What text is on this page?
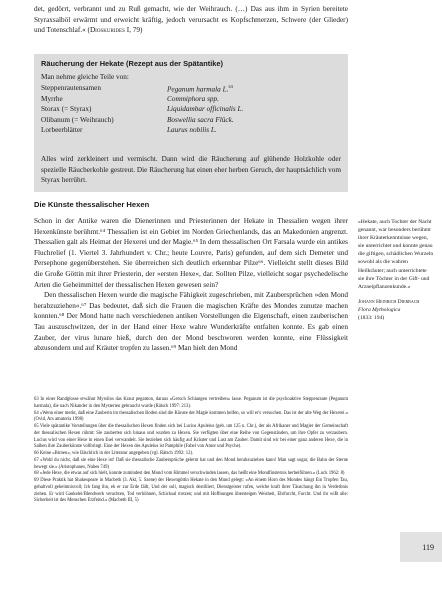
det, gedörrt, verbrannt und zu Ruß gemacht, wie der Weihrauch. (…) Das aus ihm in Syrien bereitete Styraxsalböl erwärmt und erweicht kräftig, jedoch verursacht es Kopfschmerzen, Schwere (der Glieder) und Totenschlaf.« (Dioskurides I, 79)

Räucherung der Hekate (Rezept aus der Spätantike)

Man nehme gleiche Teile von:

Steppenrautensamen	Peganum harmala L.$^{63}$
Myrrhe	Commiphora spp.
Storax (= Styrax)	Liquidambar officinalis L.
Olibanum (= Weihrauch)	Boswellia sacra Flück.
Lorbeerblätter	Laurus nobilis L.

Alles wird zerkleinert und vermischt. Dann wird die Räucherung auf glühende Holzkohle oder spezielle Räucherkohle gestreut. Die Räucherung hat einen eher herben Geruch, der hauptsächlich vom Styrax herrührt.

Die Künste thessalischer Hexen

Schon in der Antike waren die Dienerinnen und Priesterinnen der Hekate in Thessalien wegen ihrer Hexenkünste berühmt.⁶⁴ Thessalien ist ein Gebiet im Norden Griechenlands, das an Makedonien angrenzt. Thessalien galt als Heimat der Hexerei und der Magie.⁶⁵ In dem thessalischen Ort Farsala wurde ein antikes Fluchrelief (1. Viertel 3. Jahrhundert v. Chr.; heute Louvre, Paris) gefunden, auf dem sich Demeter und Persephone gegenüberstehen. Sie überreichen sich deutlich erkennbar Pilze⁶⁶. Vielleicht stellt dieses Bild die Große Göttin mit ihrer Priesterin, der »ersten Hexe«, dar. Sollten Pilze, vielleicht sogar psychedelische Arten die Geheimmittel der thessalischen Hexen gewesen sein?

Den thessalischen Hexen wurde die magische Fähigkeit zugeschrieben, mit Zaubersprüchen »den Mond herabzuziehen«.⁶⁷ Das bedeutet, daß sich die Frauen die magischen Kräfte des Mondes zunutze machen konnten.⁶⁸ Der Mond hatte nach verschiedenen antiken Vorstellungen die Eigenschaft, einen zauberischen Tau auszuschwitzen, der in der Hand einer Hexe wahre Wunderkräfte entfalten konnte. Es gab einen Zauber, der virus lunare hieß, durch den der Mond beschworen werden konnte, eine Flüssigkeit abzusondern und auf Kräuter tropfen zu lassen.⁶⁹ Man hielt den Mond

»Hekate, auch Tochter der Nacht genannt, war besonders berühmt ihrer Kräuterkenntnisse wegen, sie unterrichtet und konnte genau die giftigen, schädlichen Wurzeln sowohl als die wahren Heilkräuter; auch unterrichtete sie ihre Töchter in der Gift- und Arzneipflanzenkunde.«

Johann Heinrich Dierbach
Flora Mythologica
(1833: 194)

63 In einer Randglosse erwähnt Myrsilos das Kraut pegamon, daraus »Geruch Schlangen vertreiben« lasse. Peganum ist die psychoaktive Steppenraute (Peganum harmala), die nach Nikander in den Mysterien gebraucht wurde (Rätsch 1997: 213).

64 »Wenn einer merkt, daß eine Zauberin im thessalischen Boden sind die Künste der Magie kommen helfen, so will er's versuchen. Das ist der alte Weg der Hexerei.« (Ovid, Ars amatoria 1998)

65 Viele spätantike Vorstellungen über die thessalischen Hexen finden sich bei Lucius Apuleius (geb. um 125 n. Chr.), der als Afrikaner und Magier der Gemeinschaft der thessalischen Hexen rühmt: Sie zauberten sich hinaus und wurden zu Hexen. Sie verfügten über eine Reihe von Gegenständen, um ihre Opfer zu verzaubern. Lucius wird von einer Hexe in einen Esel verwandelt. Sie beziehen sich häufig auf Kräuter und Lust am Zauber. Damit sind wir bei einer ganz anderen Hexe, die in Salben ihre Zauberkünste vollbringt. Eine der Hexen des Apuleius ist Pamphile (Fabel von Amor und Psyche).

66 Keine »Birnen«, wie fälschlich in der Literatur angegeben (vgl. Rätsch 1992: 12).

67 »Wohl du nicht, daß sie eine Hexe ist! Daß sie thessalische Zaubersprüche gelernt hat und den Mond herabzuziehen kann! Man sagt sogar, die Bahn der Sterne bewegt sie.« (Aristophanes, Nubes 749)

68 »Jede Hexe, die etwas auf sich hielt, konnte zumindest den Mond vom Himmel verschwinden lassen, das heißt eine Mondfinsternis herbeiführen.« (Luck 1962: 8)

69 Diese Praktik hat Shakespeare in Macbeth (3. Akt, 5. Szene) der Hexengöttin Hekate in den Mund gelegt: »An einem Horn des Mondes hängt Ein Tropfen Tau, gehaltvoll geheimnisvoll; Ich fang ihn, eh er zur Erde fällt, Und der soll, magisch destilliert, Dienstgeister rufen, welche kraft ihrer Täuschung ihn in Verderbnis ziehen. Er wird Gaukelei/Blendwerk verachten, Tod verhöhnen, Schicksal trotzen; und mit Hoffnungen übersteigen Weisheit, Ehrfurcht, Furcht. Und ihr wißt alle: Sicherheit ist des Menschen Erzfeind.« (Macbeth III, 5)

119
